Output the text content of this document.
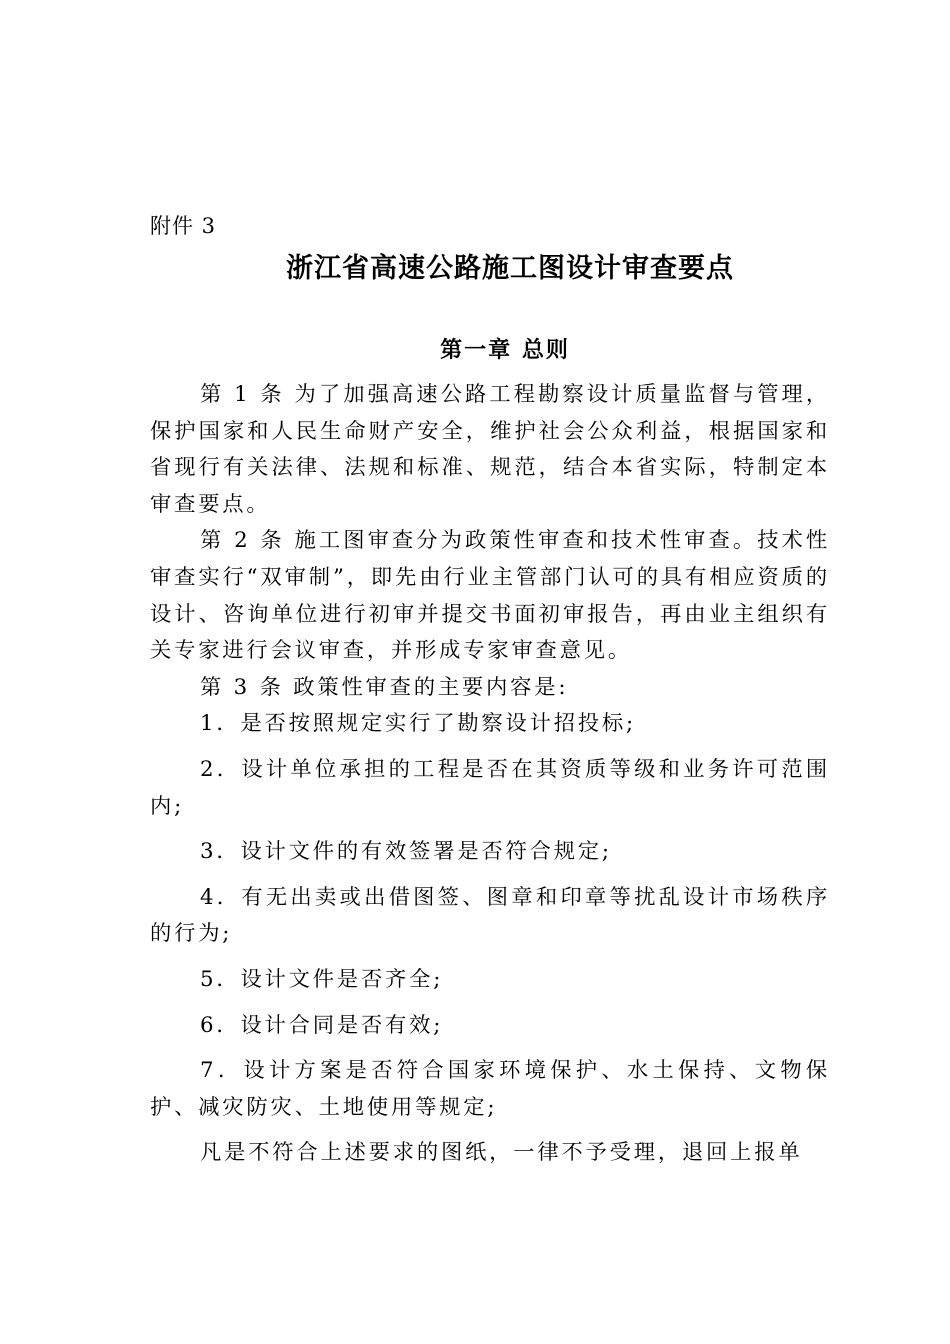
附件 3
浙江省高速公路施工图设计审查要点
第一章 总则

第 1 条 为了加强高速公路工程勘察设计质量监督与管理，保护国家和人民生命财产安全，维护社会公众利益，根据国家和省现行有关法律、法规和标准、规范，结合本省实际，特制定本审查要点。

第 2 条 施工图审查分为政策性审查和技术性审查。技术性审查实行“双审制”，即先由行业主管部门认可的具有相应资质的设计、咨询单位进行初审并提交书面初审报告，再由业主组织有关专家进行会议审查，并形成专家审查意见。

第 3 条 政策性审查的主要内容是:

1．是否按照规定实行了勘察设计招投标;

2．设计单位承担的工程是否在其资质等级和业务许可范围内;

3．设计文件的有效签署是否符合规定;

4．有无出卖或出借图签、图章和印章等扰乱设计市场秩序的行为;

5．设计文件是否齐全;

6．设计合同是否有效;

7．设计方案是否符合国家环境保护、水土保持、文物保护、减灾防灾、土地使用等规定;

凡是不符合上述要求的图纸，一律不予受理，退回上报单
